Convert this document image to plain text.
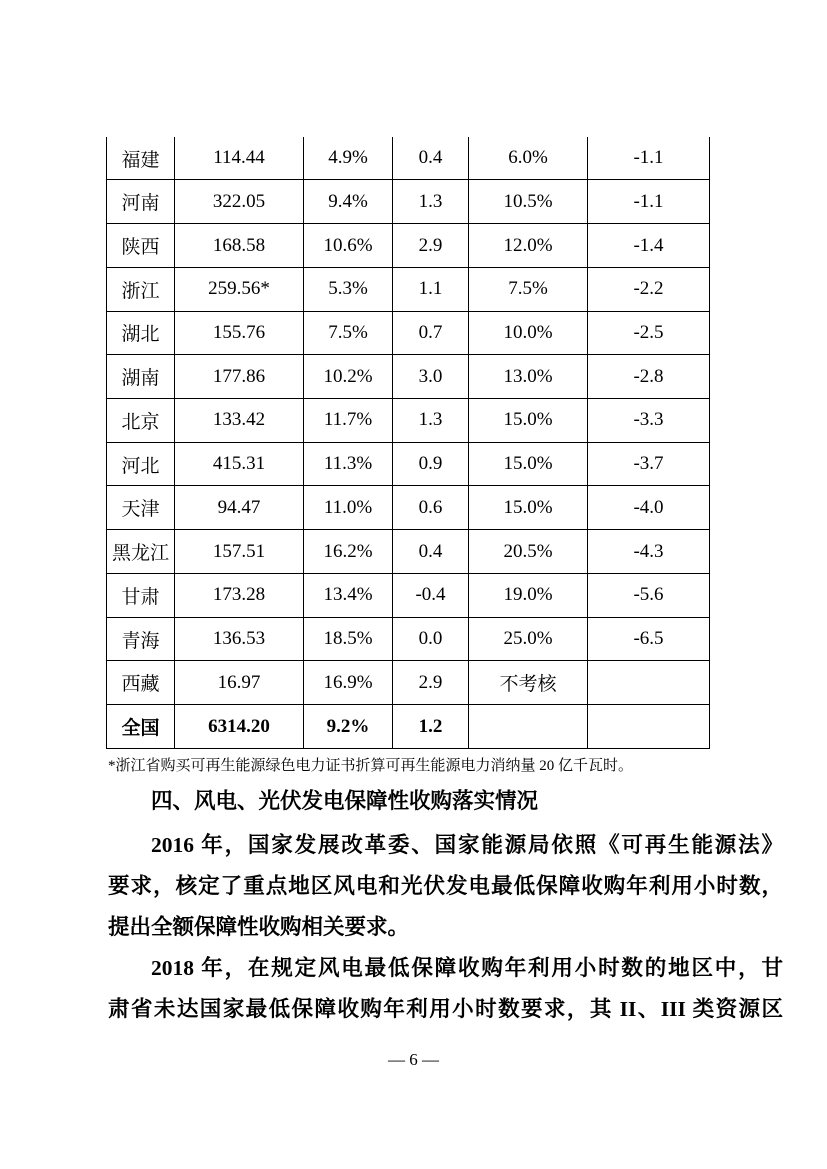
福建	114.44	4.9%	0.4	6.0%	-1.1
河南	322.05	9.4%	1.3	10.5%	-1.1
陕西	168.58	10.6%	2.9	12.0%	-1.4
浙江	259.56*	5.3%	1.1	7.5%	-2.2
湖北	155.76	7.5%	0.7	10.0%	-2.5
湖南	177.86	10.2%	3.0	13.0%	-2.8
北京	133.42	11.7%	1.3	15.0%	-3.3
河北	415.31	11.3%	0.9	15.0%	-3.7
天津	94.47	11.0%	0.6	15.0%	-4.0
黑龙江	157.51	16.2%	0.4	20.5%	-4.3
甘肃	173.28	13.4%	-0.4	19.0%	-5.6
青海	136.53	18.5%	0.0	25.0%	-6.5
西藏	16.97	16.9%	2.9	不考核	
全国	6314.20	9.2%	1.2		
*浙江省购买可再生能源绿色电力证书折算可再生能源电力消纳量 20 亿千瓦时。
四、风电、光伏发电保障性收购落实情况
2016 年，国家发展改革委、国家能源局依照《可再生能源法》
要求，核定了重点地区风电和光伏发电最低保障收购年利用小时数，
提出全额保障性收购相关要求。
2018 年，在规定风电最低保障收购年利用小时数的地区中，甘
肃省未达国家最低保障收购年利用小时数要求，其 II、III 类资源区
— 6 —
